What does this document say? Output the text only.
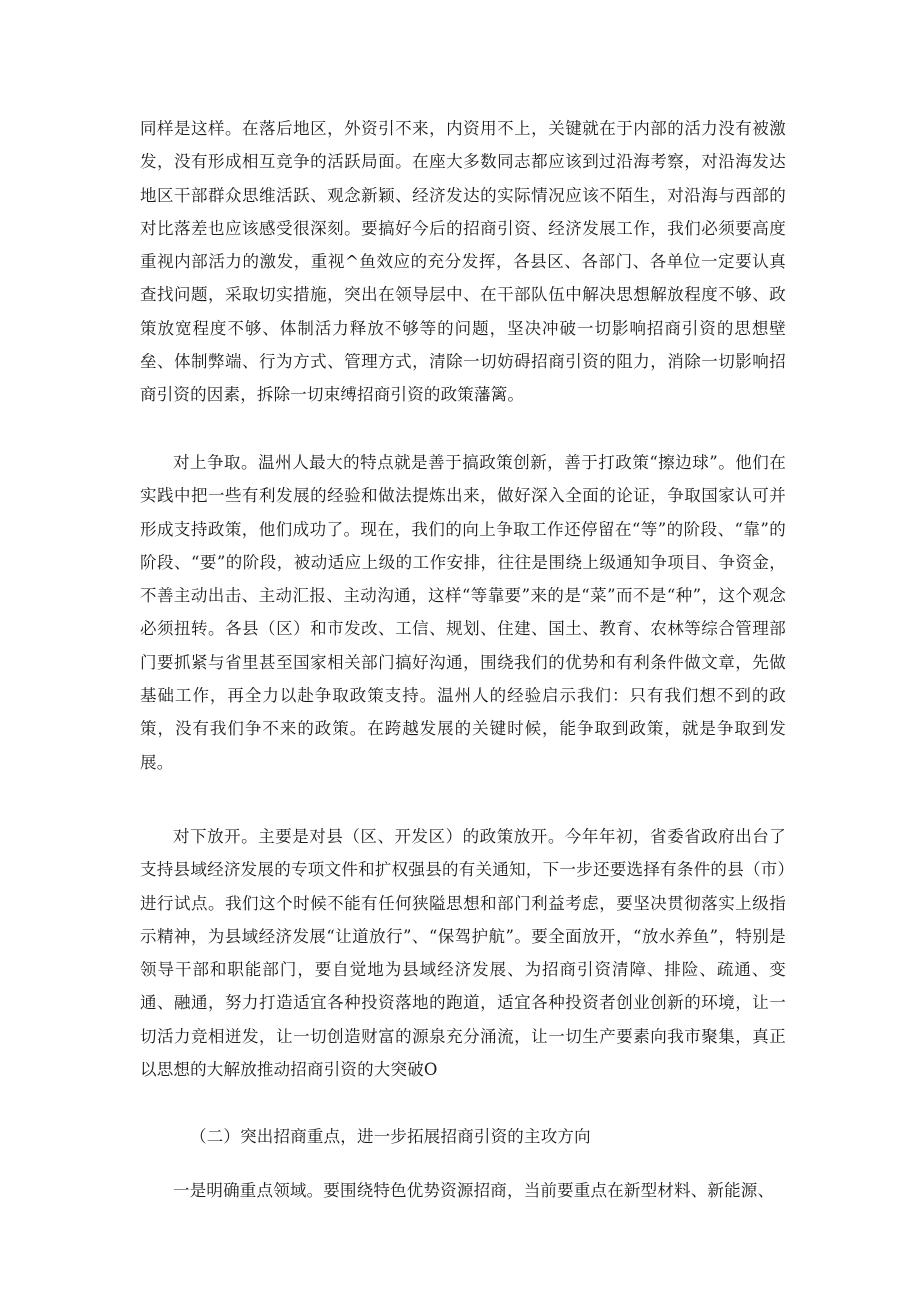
同样是这样。在落后地区，外资引不来，内资用不上，关键就在于内部的活力没有被激发，没有形成相互竞争的活跃局面。在座大多数同志都应该到过沿海考察，对沿海发达地区干部群众思维活跃、观念新颖、经济发达的实际情况应该不陌生，对沿海与西部的对比落差也应该感受很深刻。要搞好今后的招商引资、经济发展工作，我们必须要高度重视内部活力的激发，重视^鱼效应的充分发挥，各县区、各部门、各单位一定要认真查找问题，采取切实措施，突出在领导层中、在干部队伍中解决思想解放程度不够、政策放宽程度不够、体制活力释放不够等的问题，坚决冲破一切影响招商引资的思想壁垒、体制弊端、行为方式、管理方式，清除一切妨碍招商引资的阻力，消除一切影响招商引资的因素，拆除一切束缚招商引资的政策藩篱。

对上争取。温州人最大的特点就是善于搞政策创新，善于打政策“擦边球”。他们在实践中把一些有利发展的经验和做法提炼出来，做好深入全面的论证，争取国家认可并形成支持政策，他们成功了。现在，我们的向上争取工作还停留在“等”的阶段、“靠”的阶段、“要”的阶段，被动适应上级的工作安排，往往是围绕上级通知争项目、争资金，不善主动出击、主动汇报、主动沟通，这样“等靠要”来的是“菜”而不是“种”，这个观念必须扭转。各县（区）和市发改、工信、规划、住建、国土、教育、农林等综合管理部门要抓紧与省里甚至国家相关部门搞好沟通，围绕我们的优势和有利条件做文章，先做基础工作，再全力以赴争取政策支持。温州人的经验启示我们：只有我们想不到的政策，没有我们争不来的政策。在跨越发展的关键时候，能争取到政策，就是争取到发展。

对下放开。主要是对县（区、开发区）的政策放开。今年年初，省委省政府出台了支持县域经济发展的专项文件和扩权强县的有关通知，下一步还要选择有条件的县（市）进行试点。我们这个时候不能有任何狭隘思想和部门利益考虑，要坚决贯彻落实上级指示精神，为县域经济发展“让道放行”、“保驾护航”。要全面放开，“放水养鱼”，特别是领导干部和职能部门，要自觉地为县域经济发展、为招商引资清障、排险、疏通、变通、融通，努力打造适宜各种投资落地的跑道，适宜各种投资者创业创新的环境，让一切活力竞相迸发，让一切创造财富的源泉充分涌流，让一切生产要素向我市聚集，真正以思想的大解放推动招商引资的大突破O

（二）突出招商重点，进一步拓展招商引资的主攻方向

一是明确重点领域。要围绕特色优势资源招商，当前要重点在新型材料、新能源、
